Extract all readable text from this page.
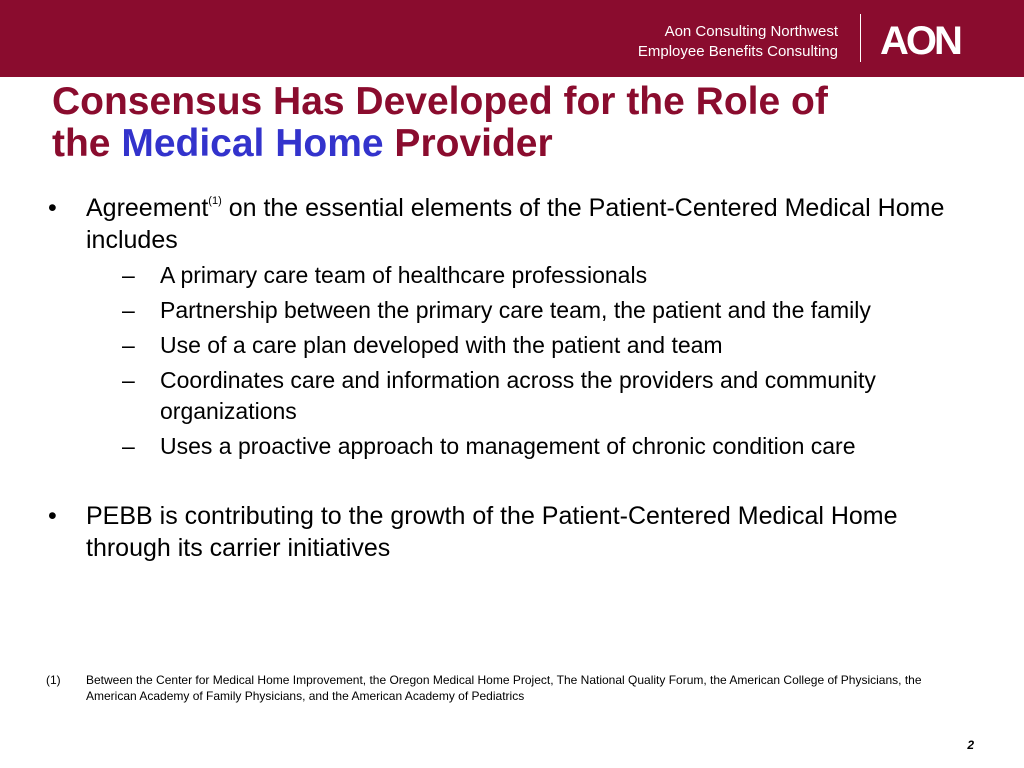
Aon Consulting Northwest
Employee Benefits Consulting AON
Consensus Has Developed for the Role of
the Medical Home Provider
• Agreement$^{(1)}$ on the essential elements of the Patient-Centered Medical Home includes
– A primary care team of healthcare professionals
– Partnership between the primary care team, the patient and the family
– Use of a care plan developed with the patient and team
– Coordinates care and information across the providers and community organizations
– Uses a proactive approach to management of chronic condition care
• PEBB is contributing to the growth of the Patient-Centered Medical Home through its carrier initiatives
(1) Between the Center for Medical Home Improvement, the Oregon Medical Home Project, The National Quality Forum, the American College of Physicians, the American Academy of Family Physicians, and the American Academy of Pediatrics
2
